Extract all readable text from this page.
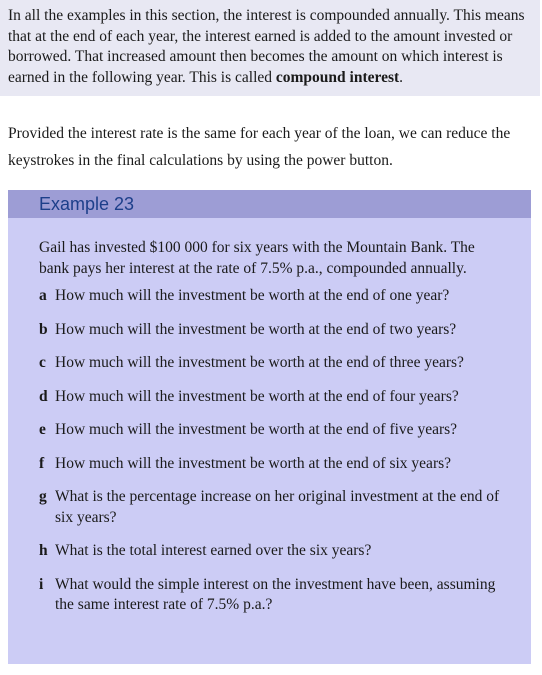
In all the examples in this section, the interest is compounded annually. This means that at the end of each year, the interest earned is added to the amount invested or borrowed. That increased amount then becomes the amount on which interest is earned in the following year. This is called compound interest.
Provided the interest rate is the same for each year of the loan, we can reduce the keystrokes in the final calculations by using the power button.
Example 23
Gail has invested $100 000 for six years with the Mountain Bank. The bank pays her interest at the rate of 7.5% p.a., compounded annually.
a How much will the investment be worth at the end of one year?
b How much will the investment be worth at the end of two years?
c How much will the investment be worth at the end of three years?
d How much will the investment be worth at the end of four years?
e How much will the investment be worth at the end of five years?
f How much will the investment be worth at the end of six years?
g What is the percentage increase on her original investment at the end of six years?
h What is the total interest earned over the six years?
i What would the simple interest on the investment have been, assuming the same interest rate of 7.5% p.a.?
